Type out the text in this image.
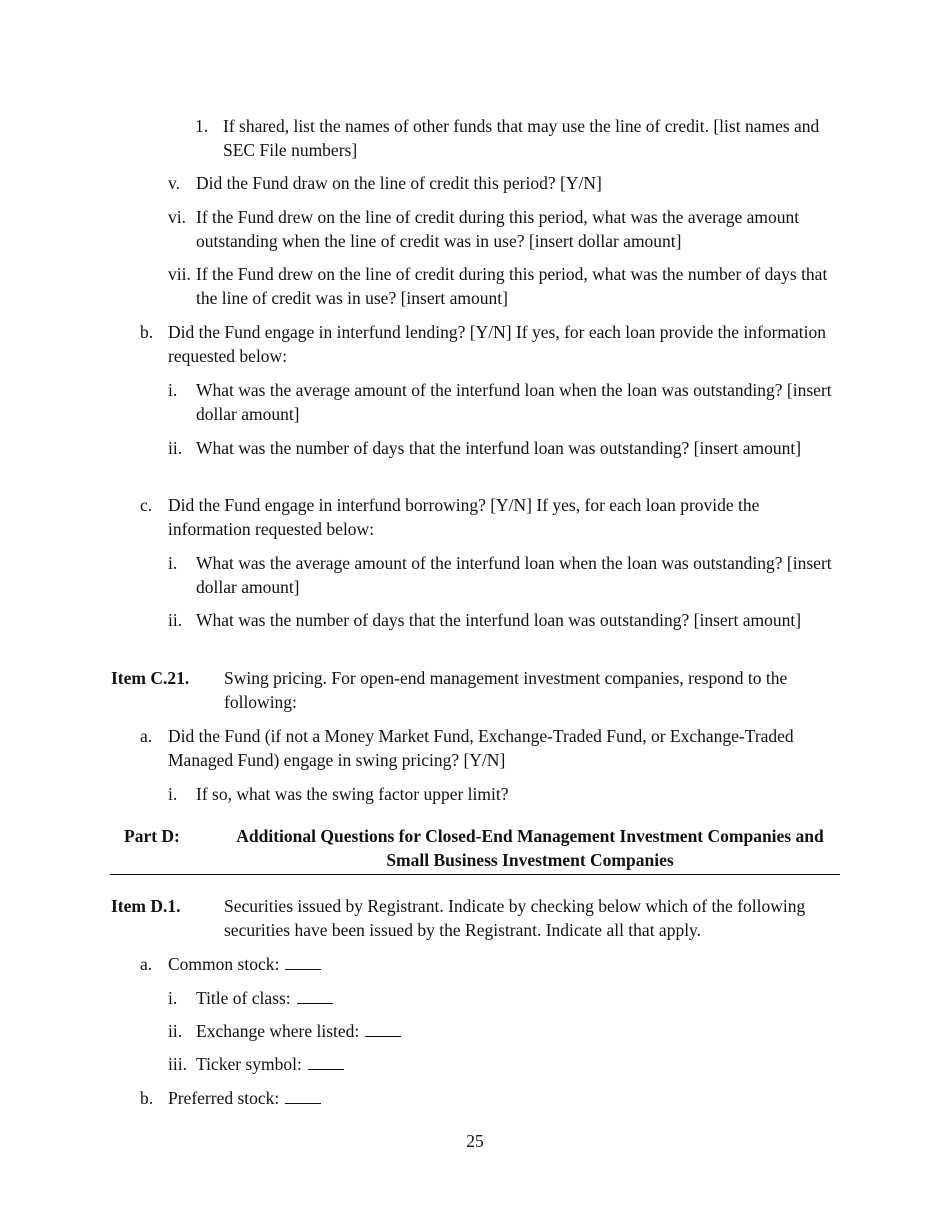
1. If shared, list the names of other funds that may use the line of credit. [list names and SEC File numbers]
v. Did the Fund draw on the line of credit this period? [Y/N]
vi. If the Fund drew on the line of credit during this period, what was the average amount outstanding when the line of credit was in use? [insert dollar amount]
vii. If the Fund drew on the line of credit during this period, what was the number of days that the line of credit was in use? [insert amount]
b. Did the Fund engage in interfund lending? [Y/N] If yes, for each loan provide the information requested below:
i.	What was the average amount of the interfund loan when the loan was outstanding? [insert dollar amount]
ii. What was the number of days that the interfund loan was outstanding? [insert amount]
c. Did the Fund engage in interfund borrowing? [Y/N] If yes, for each loan provide the information requested below:
i.	What was the average amount of the interfund loan when the loan was outstanding? [insert dollar amount]
ii. What was the number of days that the interfund loan was outstanding? [insert amount]
Item C.21.	Swing pricing. For open-end management investment companies, respond to the following:
a. Did the Fund (if not a Money Market Fund, Exchange-Traded Fund, or Exchange-Traded Managed Fund) engage in swing pricing? [Y/N]
i.	If so, what was the swing factor upper limit?
Part D:	Additional Questions for Closed-End Management Investment Companies and Small Business Investment Companies
Item D.1.	Securities issued by Registrant. Indicate by checking below which of the following securities have been issued by the Registrant. Indicate all that apply.
a. Common stock:
i.	Title of class:
ii. Exchange where listed:
iii. Ticker symbol:
b. Preferred stock:
25
